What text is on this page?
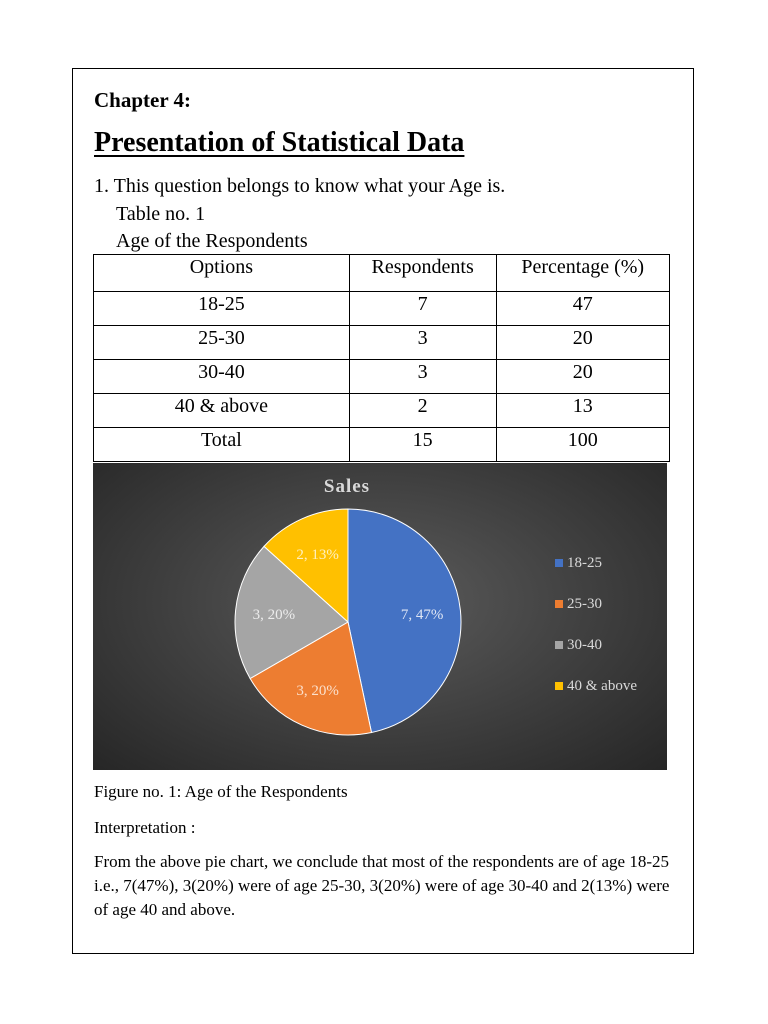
Chapter 4:
Presentation of Statistical Data
1. This question belongs to know what your Age is.
Table no. 1
Age of the Respondents
Options	Respondents	Percentage (%)
18-25	7	47
25-30	3	20
30-40	3	20
40 & above	2	13
Total	15	100
Sales
7, 47%
3, 20%
3, 20%
2, 13%
18-25
25-30
30-40
40 & above
Figure no. 1: Age of the Respondents
Interpretation :
From the above pie chart, we conclude that most of the respondents are of age 18-25 i.e., 7(47%), 3(20%) were of age 25-30, 3(20%) were of age 30-40 and 2(13%) were of age 40 and above.
